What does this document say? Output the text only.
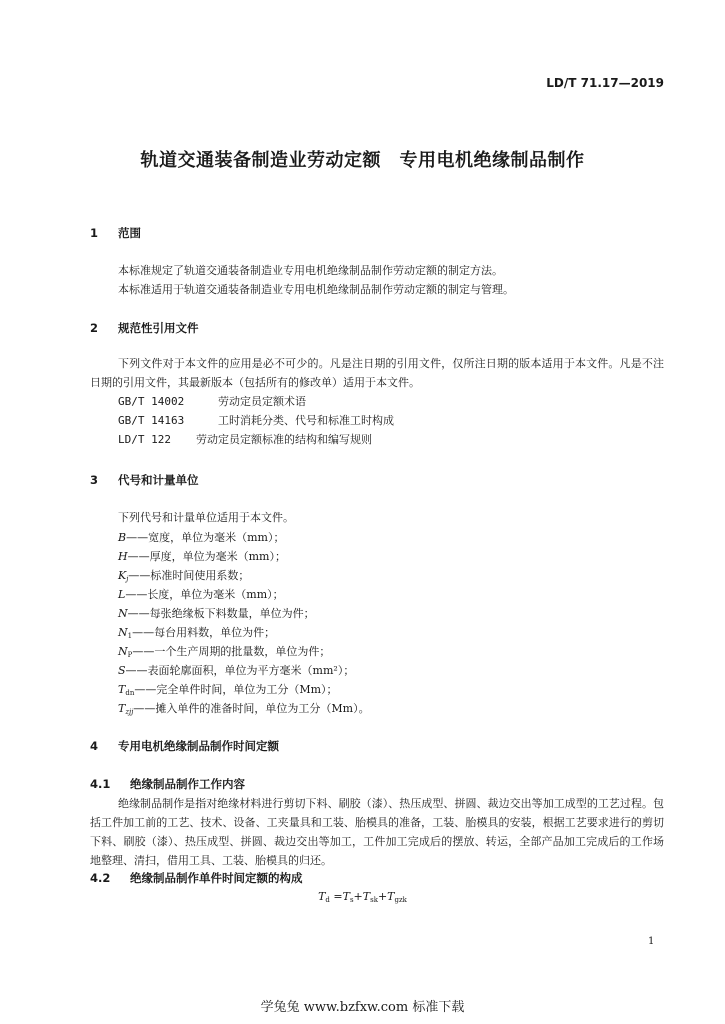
LD/T 71.17—2019
轨道交通装备制造业劳动定额　专用电机绝缘制品制作
1 范围
本标准规定了轨道交通装备制造业专用电机绝缘制品制作劳动定额的制定方法。
本标准适用于轨道交通装备制造业专用电机绝缘制品制作劳动定额的制定与管理。
2 规范性引用文件
下列文件对于本文件的应用是必不可少的。凡是注日期的引用文件，仅所注日期的版本适用于本文件。凡是不注日期的引用文件，其最新版本（包括所有的修改单）适用于本文件。
GB/T 14002	劳动定员定额术语
GB/T 14163	工时消耗分类、代号和标准工时构成
LD/T 122 劳动定员定额标准的结构和编写规则
3 代号和计量单位
下列代号和计量单位适用于本文件。
B——宽度，单位为毫米（mm）；
H——厚度，单位为毫米（mm）；
$K_j——$标准时间使用系数；
L——长度，单位为毫米（mm）；
N——每张绝缘板下料数量，单位为件；
$N_1——$每台用料数，单位为件；
$N_P——$一个生产周期的批量数，单位为件；
S——表面轮廓面积，单位为平方毫米（mm²）；
$T_{dn}——$完全单件时间，单位为工分（Mm）；
$T_{zjj}——$摊入单件的准备时间，单位为工分（Mm）。
4 专用电机绝缘制品制作时间定额
4.1 绝缘制品制作工作内容
绝缘制品制作是指对绝缘材料进行剪切下料、刷胶（漆）、热压成型、拼圆、裁边交出等加工成型的工艺过程。包括工件加工前的工艺、技术、设备、工夹量具和工装、胎模具的准备，工装、胎模具的安装，根据工艺要求进行的剪切下料、刷胶（漆）、热压成型、拼圆、裁边交出等加工，工件加工完成后的摆放、转运，全部产品加工完成后的工作场地整理、清扫，借用工具、工装、胎模具的归还。
4.2 绝缘制品制作单件时间定额的构成
$T_d =T_s+T_{sk}+T_{gzk}$
1
学兔兔 www.bzfxw.com 标准下载
